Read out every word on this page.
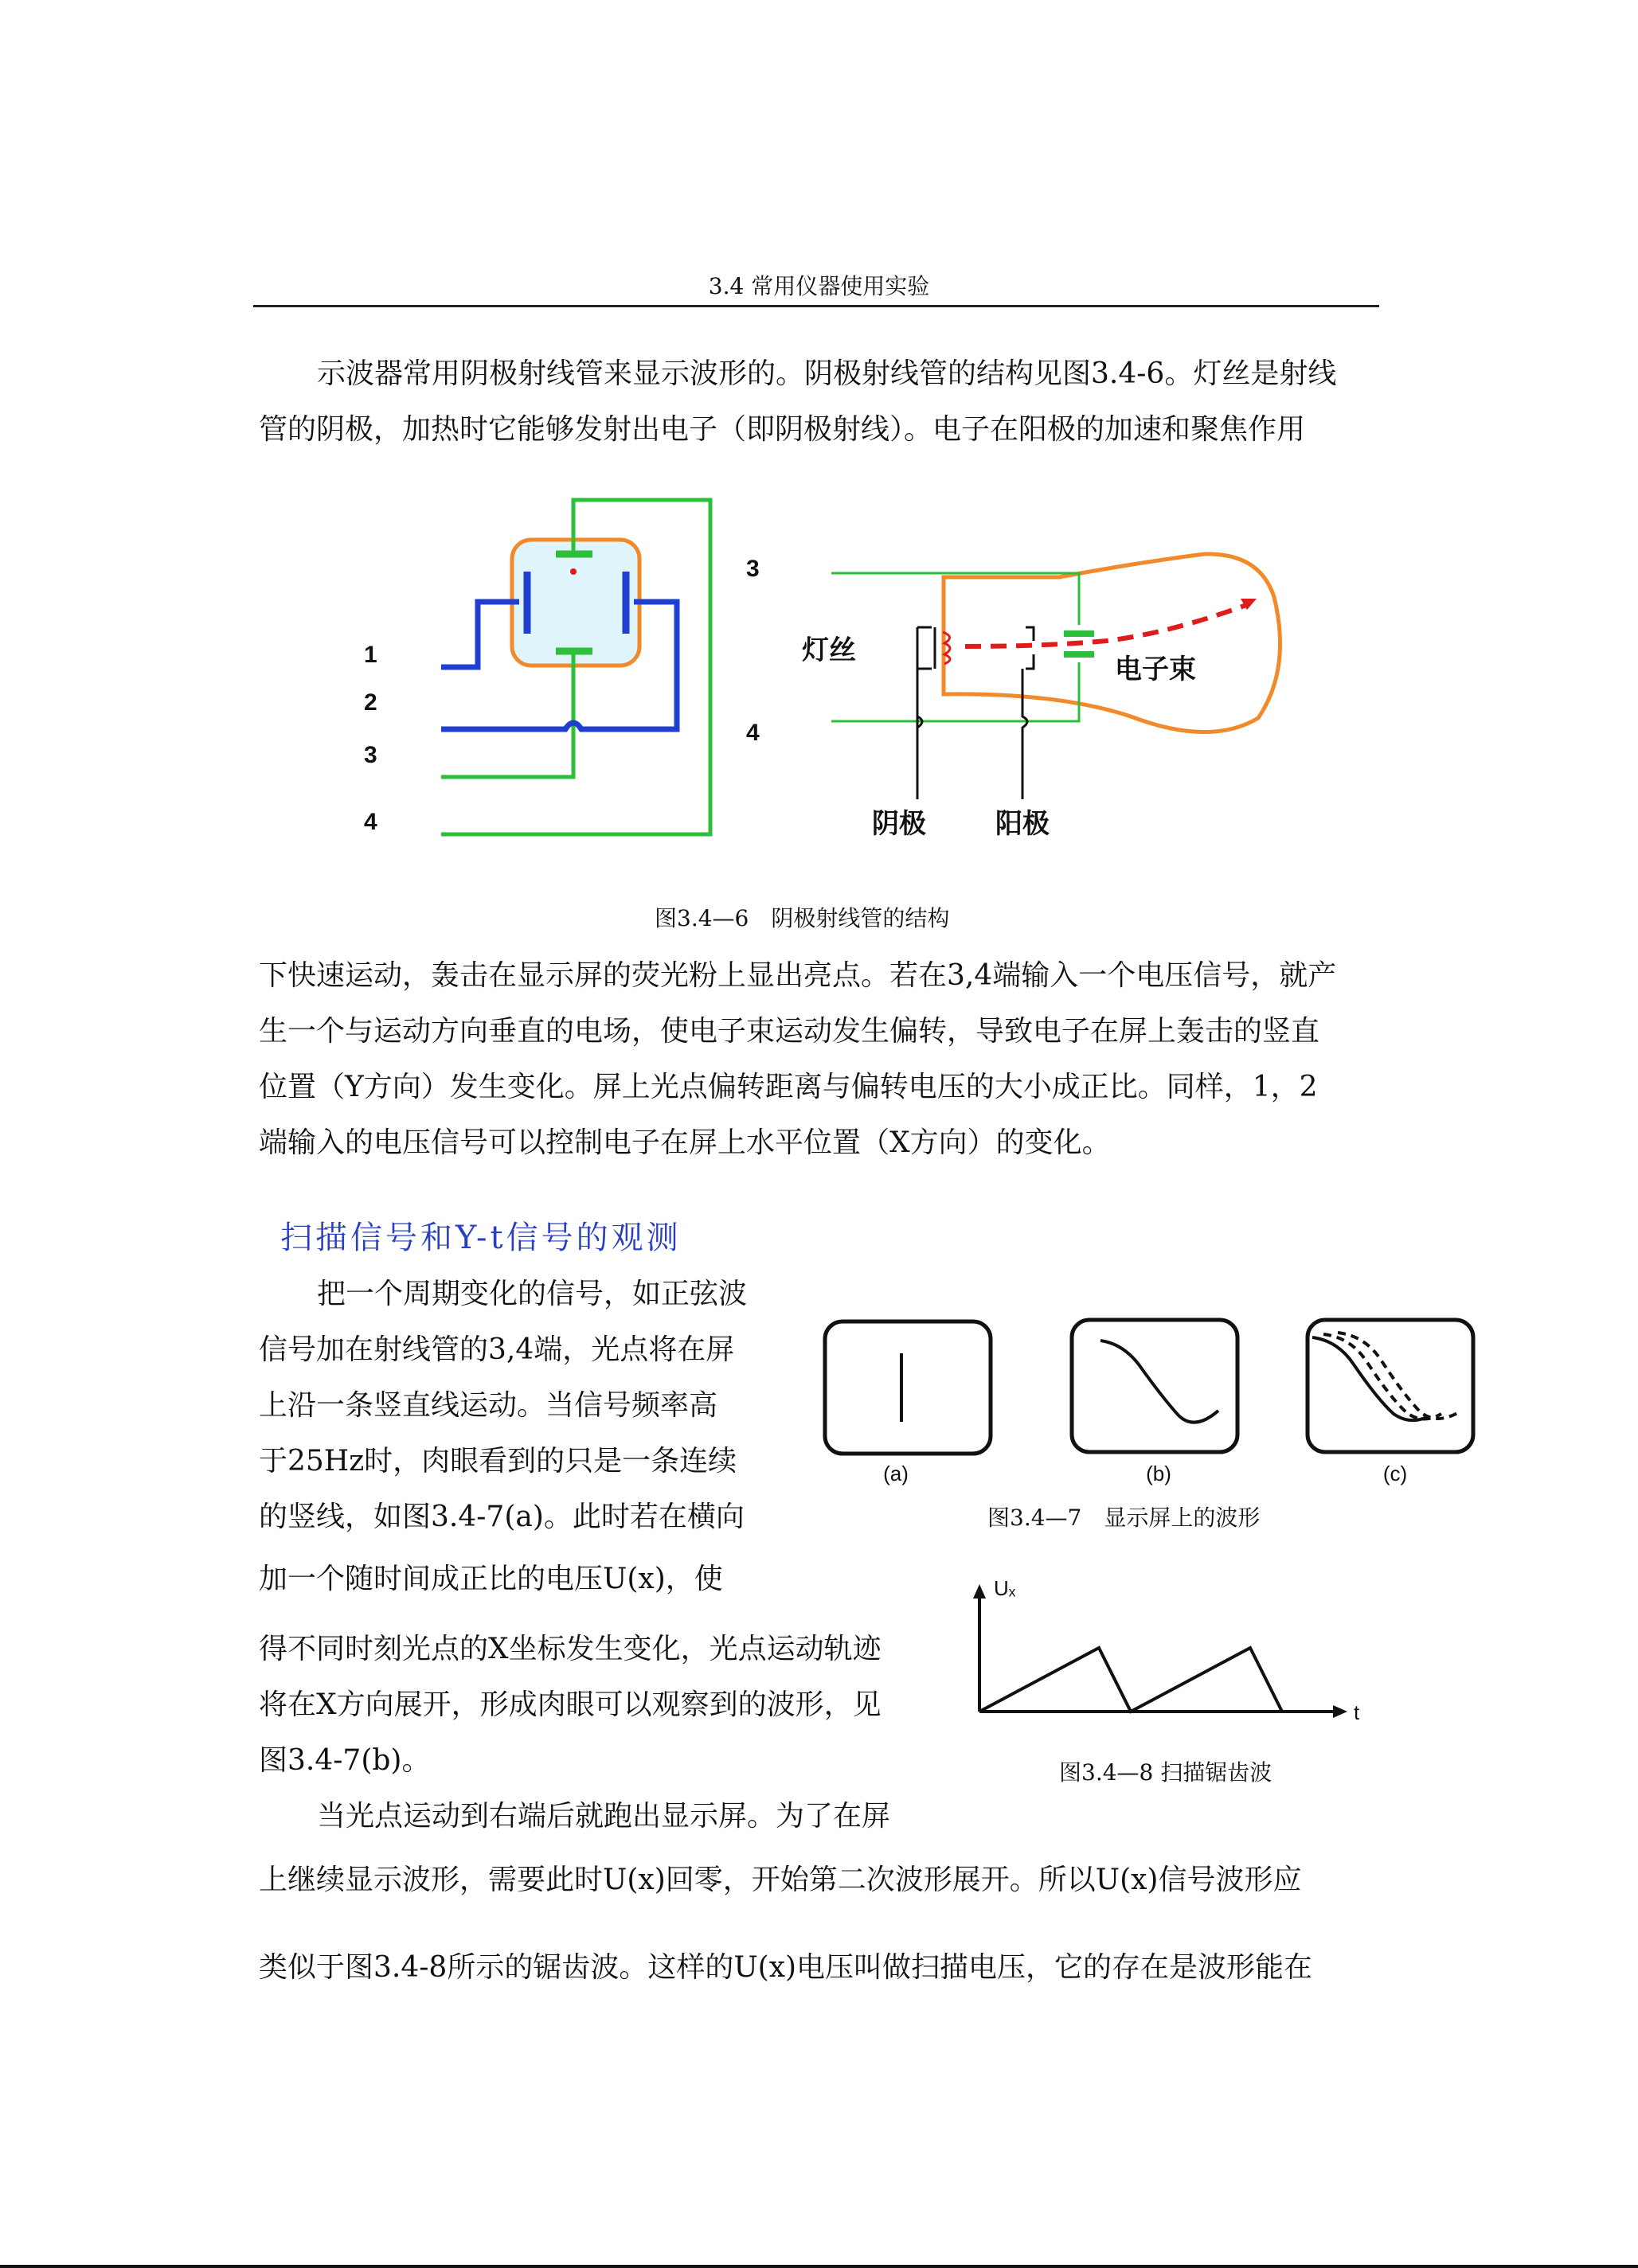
3.4 常用仪器使用实验
示波器常用阴极射线管来显示波形的。阴极射线管的结构见图3.4-6。灯丝是射线
管的阴极，加热时它能够发射出电子（即阴极射线）。电子在阳极的加速和聚焦作用
1
2
3
4
3
4
灯丝
电子束
阴极	阳极
图3.4—6　阴极射线管的结构
下快速运动，轰击在显示屏的荧光粉上显出亮点。若在3,4端输入一个电压信号，就产
生一个与运动方向垂直的电场，使电子束运动发生偏转，导致电子在屏上轰击的竖直
位置（Y方向）发生变化。屏上光点偏转距离与偏转电压的大小成正比。同样，1，2
端输入的电压信号可以控制电子在屏上水平位置（X方向）的变化。
扫描信号和Y-t信号的观测
把一个周期变化的信号，如正弦波
信号加在射线管的3,4端，光点将在屏
上沿一条竖直线运动。当信号频率高
于25Hz时，肉眼看到的只是一条连续
的竖线，如图3.4-7(a)。此时若在横向
加一个随时间成正比的电压U(x)，使
得不同时刻光点的X坐标发生变化，光点运动轨迹
将在X方向展开，形成肉眼可以观察到的波形，见
图3.4-7(b)。
当光点运动到右端后就跑出显示屏。为了在屏
(a)	(b)	(c)
图3.4—7　显示屏上的波形
Uₓ
t
图3.4—8 扫描锯齿波
上继续显示波形，需要此时U(x)回零，开始第二次波形展开。所以U(x)信号波形应
类似于图3.4-8所示的锯齿波。这样的U(x)电压叫做扫描电压，它的存在是波形能在
